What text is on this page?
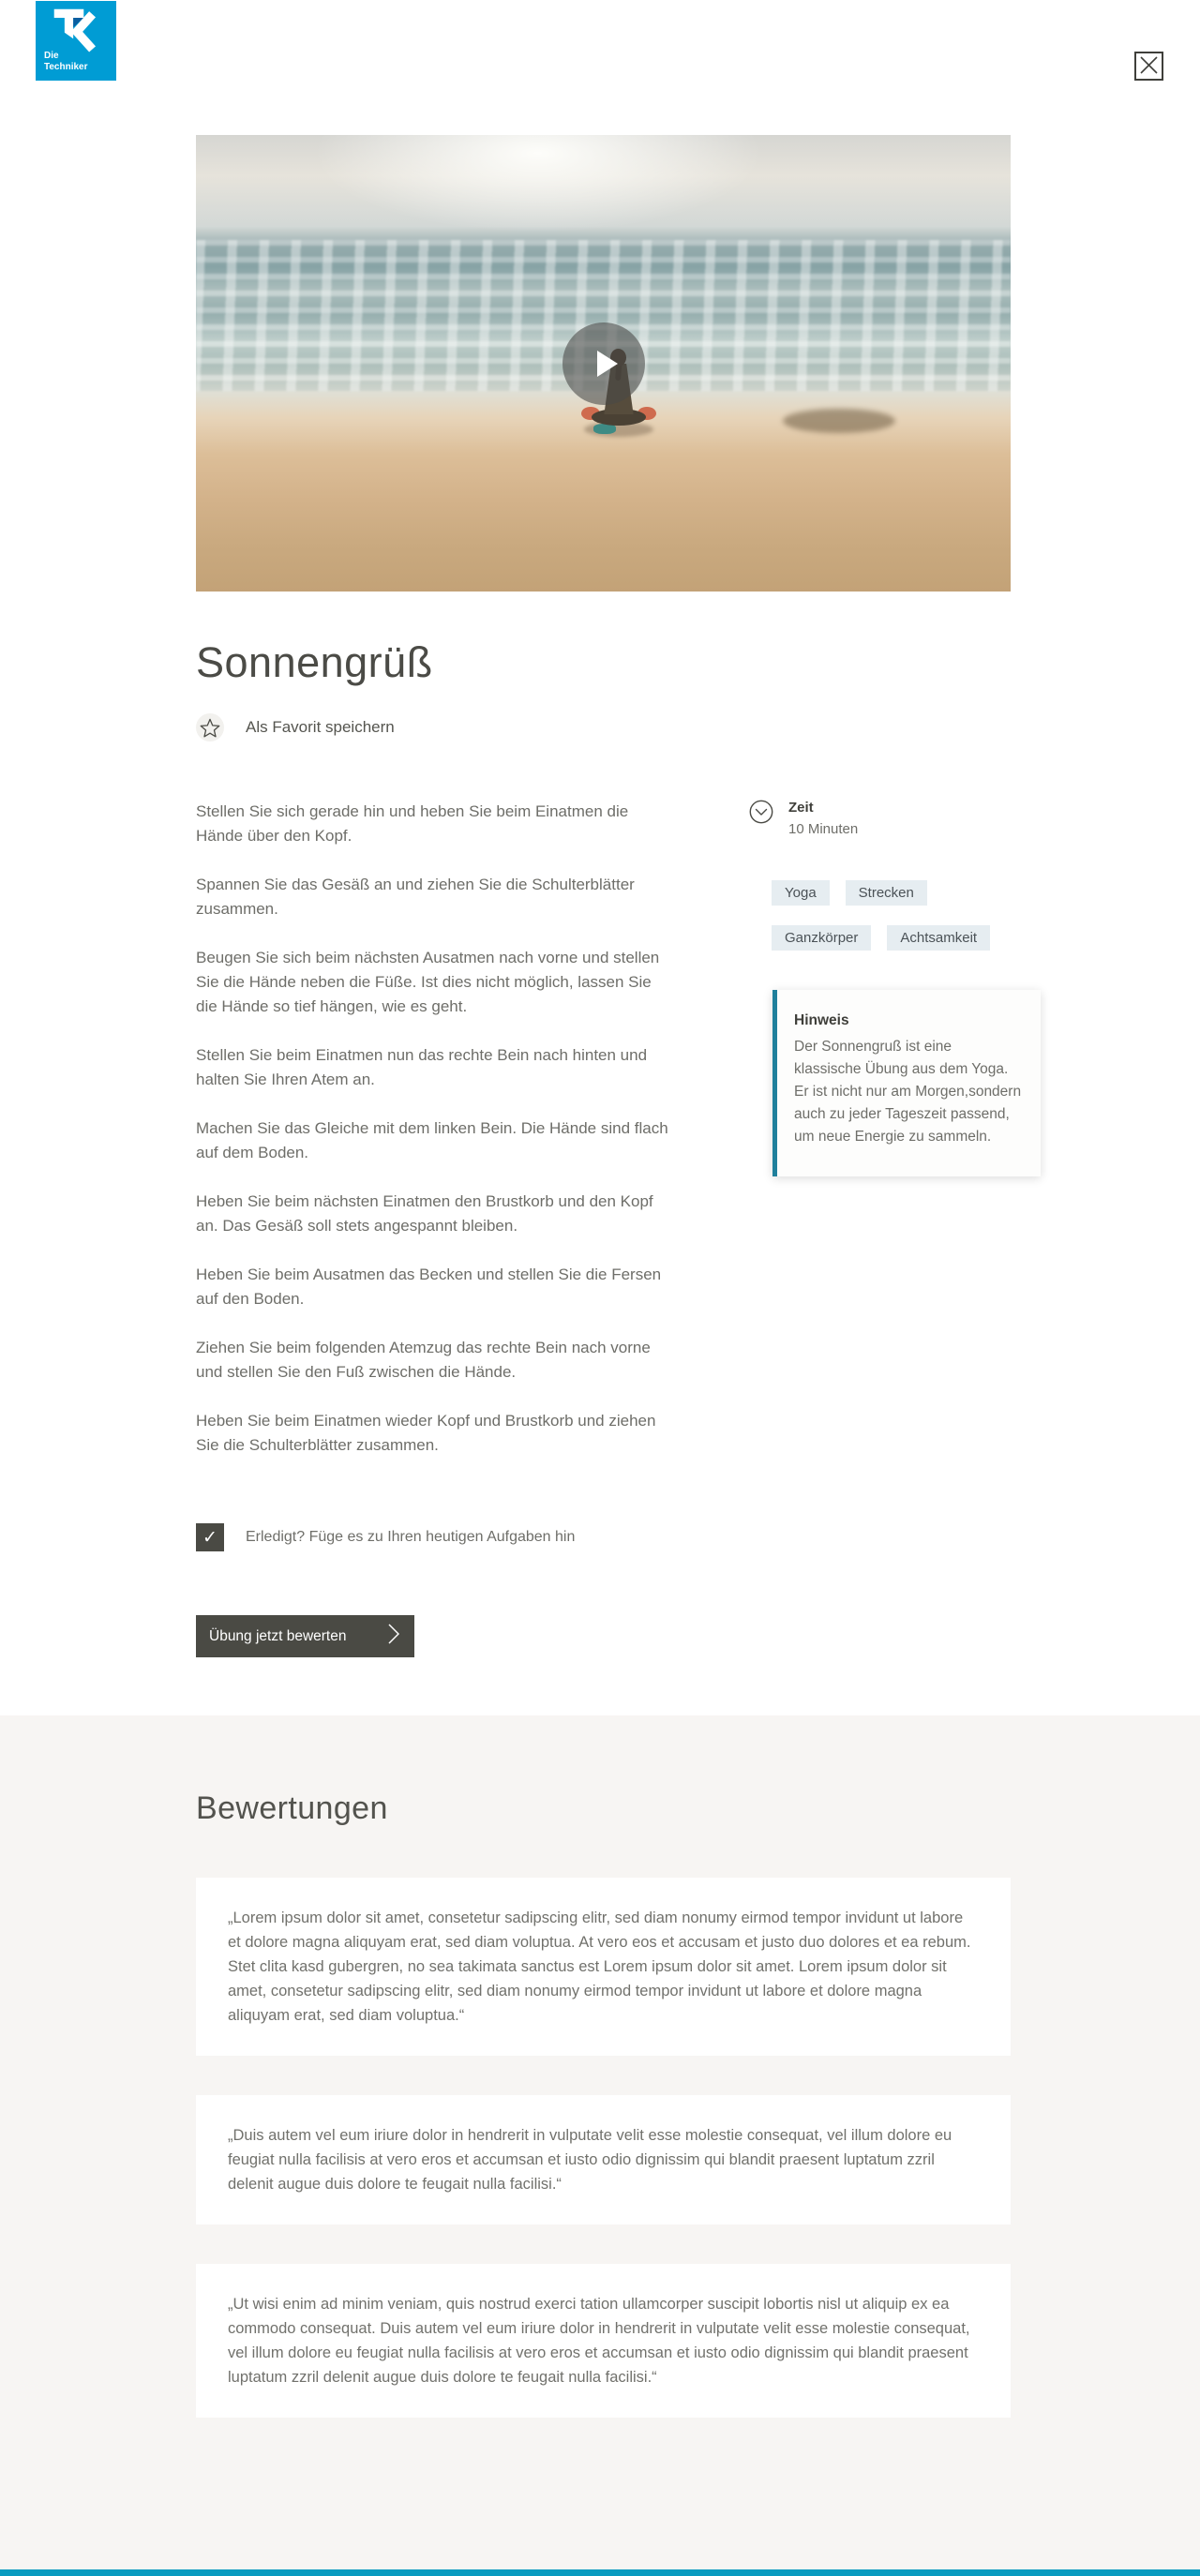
Die
Techniker
Sonnengrüß
Als Favorit speichern

Stellen Sie sich gerade hin und heben Sie beim Einatmen die Hände über den Kopf.

Spannen Sie das Gesäß an und ziehen Sie die Schulterblätter zusammen.

Beugen Sie sich beim nächsten Ausatmen nach vorne und stellen Sie die Hände neben die Füße. Ist dies nicht möglich, lassen Sie die Hände so tief hängen, wie es geht.

Stellen Sie beim Einatmen nun das rechte Bein nach hinten und halten Sie Ihren Atem an.

Machen Sie das Gleiche mit dem linken Bein. Die Hände sind flach auf dem Boden.

Heben Sie beim nächsten Einatmen den Brustkorb und den Kopf an. Das Gesäß soll stets angespannt bleiben.

Heben Sie beim Ausatmen das Becken und stellen Sie die Fersen auf den Boden.

Ziehen Sie beim folgenden Atemzug das rechte Bein nach vorne und stellen Sie den Fuß zwischen die Hände.

Heben Sie beim Einatmen wieder Kopf und Brustkorb und ziehen Sie die Schulterblätter zusammen.

Zeit
10 Minuten
Yoga	Strecken
Ganzkörper	Achtsamkeit
Hinweis
Der Sonnengruß ist eine klassische Übung aus dem Yoga. Er ist nicht nur am Morgen,sondern auch zu jeder Tageszeit passend, um neue Energie zu sammeln.
✓	Erledigt? Füge es zu Ihren heutigen Aufgaben hin
Übung jetzt bewerten
Bewertungen

„Lorem ipsum dolor sit amet, consetetur sadipscing elitr, sed diam nonumy eirmod tempor invidunt ut labore et dolore magna aliquyam erat, sed diam voluptua. At vero eos et accusam et justo duo dolores et ea rebum. Stet clita kasd gubergren, no sea takimata sanctus est Lorem ipsum dolor sit amet. Lorem ipsum dolor sit amet, consetetur sadipscing elitr, sed diam nonumy eirmod tempor invidunt ut labore et dolore magna aliquyam erat, sed diam voluptua.“

„Duis autem vel eum iriure dolor in hendrerit in vulputate velit esse molestie consequat, vel illum dolore eu feugiat nulla facilisis at vero eros et accumsan et iusto odio dignissim qui blandit praesent luptatum zzril delenit augue duis dolore te feugait nulla facilisi.“

„Ut wisi enim ad minim veniam, quis nostrud exerci tation ullamcorper suscipit lobortis nisl ut aliquip ex ea commodo consequat. Duis autem vel eum iriure dolor in hendrerit in vulputate velit esse molestie consequat, vel illum dolore eu feugiat nulla facilisis at vero eros et accumsan et iusto odio dignissim qui blandit praesent luptatum zzril delenit augue duis dolore te feugait nulla facilisi.“
